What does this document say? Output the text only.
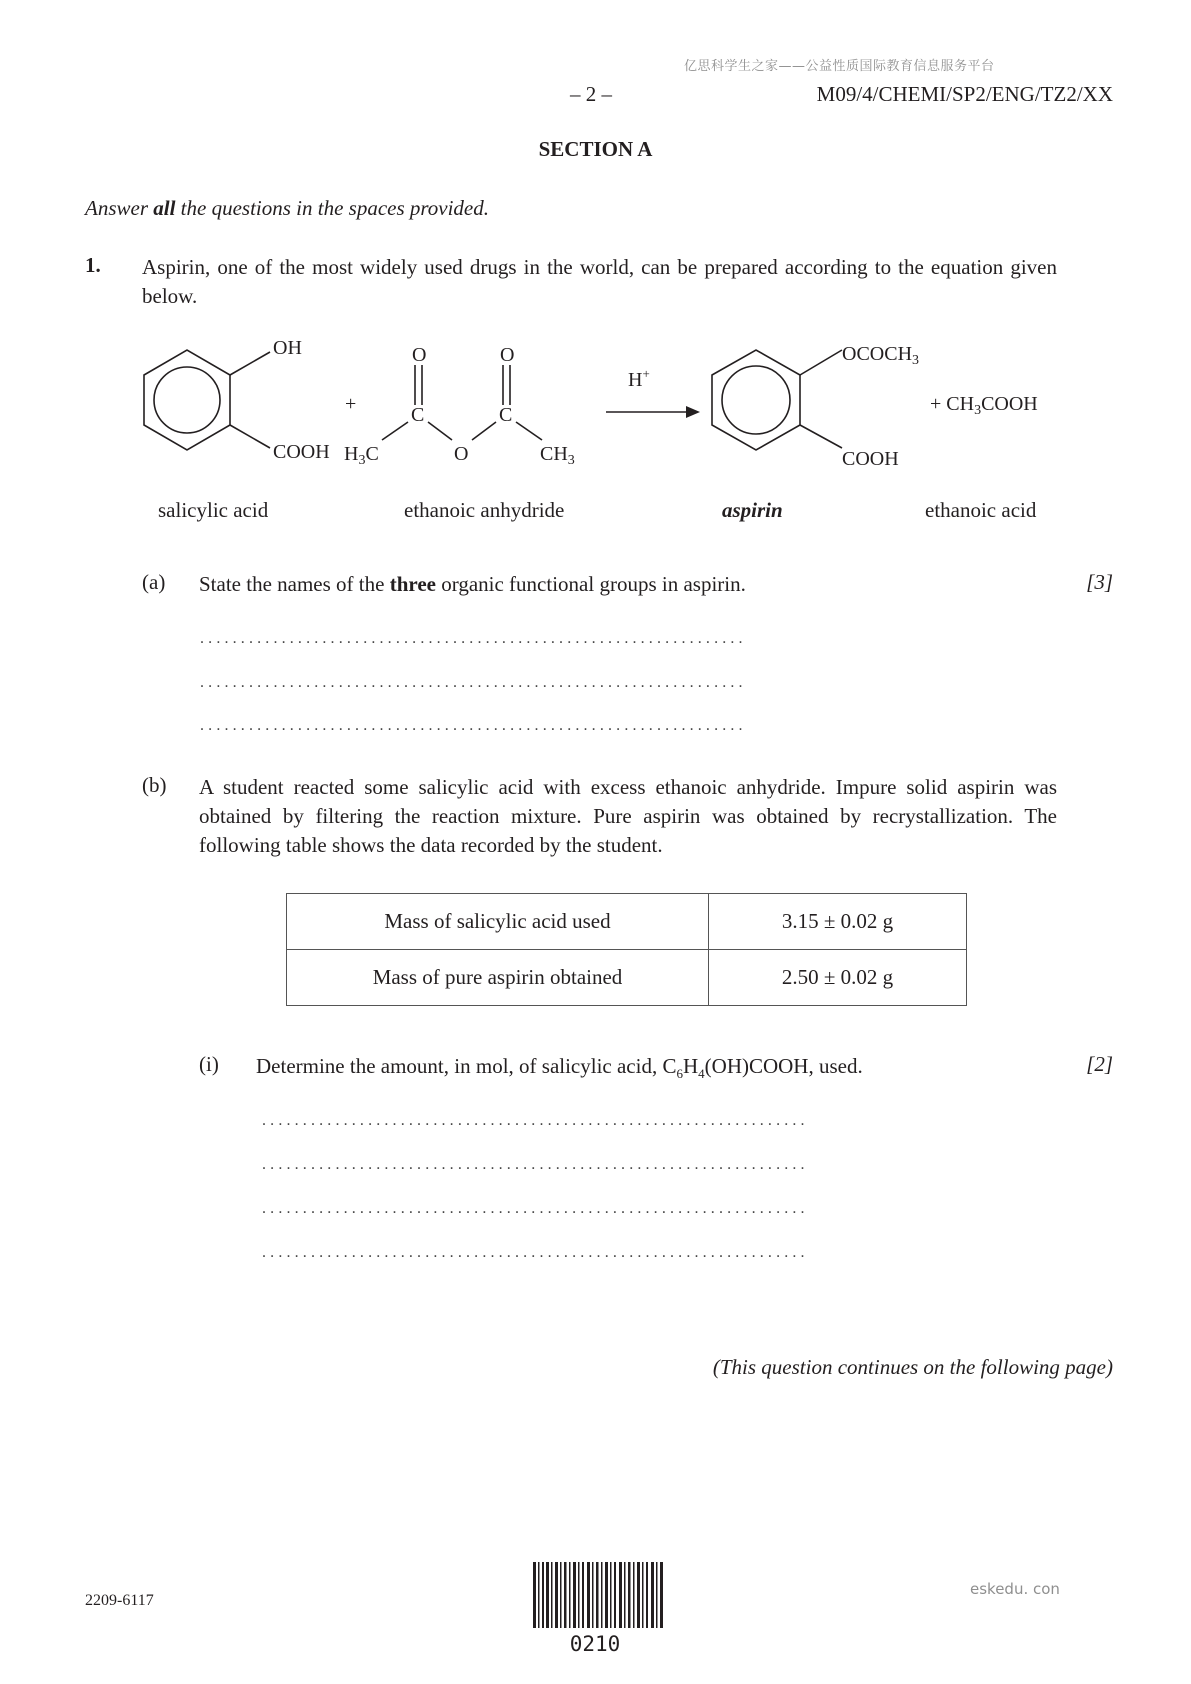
亿思科学生之家——公益性质国际教育信息服务平台
– 2 –	M09/4/CHEMI/SP2/ENG/TZ2/XX
SECTION A
Answer all the questions in the spaces provided.
1. Aspirin, one of the most widely used drugs in the world, can be prepared according to the equation given below.
OH
COOH
+
O	O
C	C
O
$H_3C$	$CH_3$
H+
$OCOCH_3$
COOH
+ $CH_3COOH$
salicylic acid	ethanoic anhydride	aspirin	ethanoic acid
(a) State the names of the three organic functional groups in aspirin.	[3]
. . . . . . . . . . . . . . . . . . . . . . . . . . . . . . . . . . . . . . . . . . . . . . . . . . . . . . . . . . . . . . . . . . .
. . . . . . . . . . . . . . . . . . . . . . . . . . . . . . . . . . . . . . . . . . . . . . . . . . . . . . . . . . . . . . . . . . .
. . . . . . . . . . . . . . . . . . . . . . . . . . . . . . . . . . . . . . . . . . . . . . . . . . . . . . . . . . . . . . . . . . .
(b) A student reacted some salicylic acid with excess ethanoic anhydride. Impure solid aspirin was obtained by filtering the reaction mixture. Pure aspirin was obtained by recrystallization. The following table shows the data recorded by the student.
Mass of salicylic acid used	3.15 ± 0.02 g
Mass of pure aspirin obtained	2.50 ± 0.02 g
(i) Determine the amount, in mol, of salicylic acid, $C_6H_4(OH)COOH$, used.	[2]
. . . . . . . . . . . . . . . . . . . . . . . . . . . . . . . . . . . . . . . . . . . . . . . . . . . . . . . . . . . . . . . . . . .
. . . . . . . . . . . . . . . . . . . . . . . . . . . . . . . . . . . . . . . . . . . . . . . . . . . . . . . . . . . . . . . . . . .
. . . . . . . . . . . . . . . . . . . . . . . . . . . . . . . . . . . . . . . . . . . . . . . . . . . . . . . . . . . . . . . . . . .
. . . . . . . . . . . . . . . . . . . . . . . . . . . . . . . . . . . . . . . . . . . . . . . . . . . . . . . . . . . . . . . . . . .
(This question continues on the following page)
2209-6117
eskedu. con
0210
